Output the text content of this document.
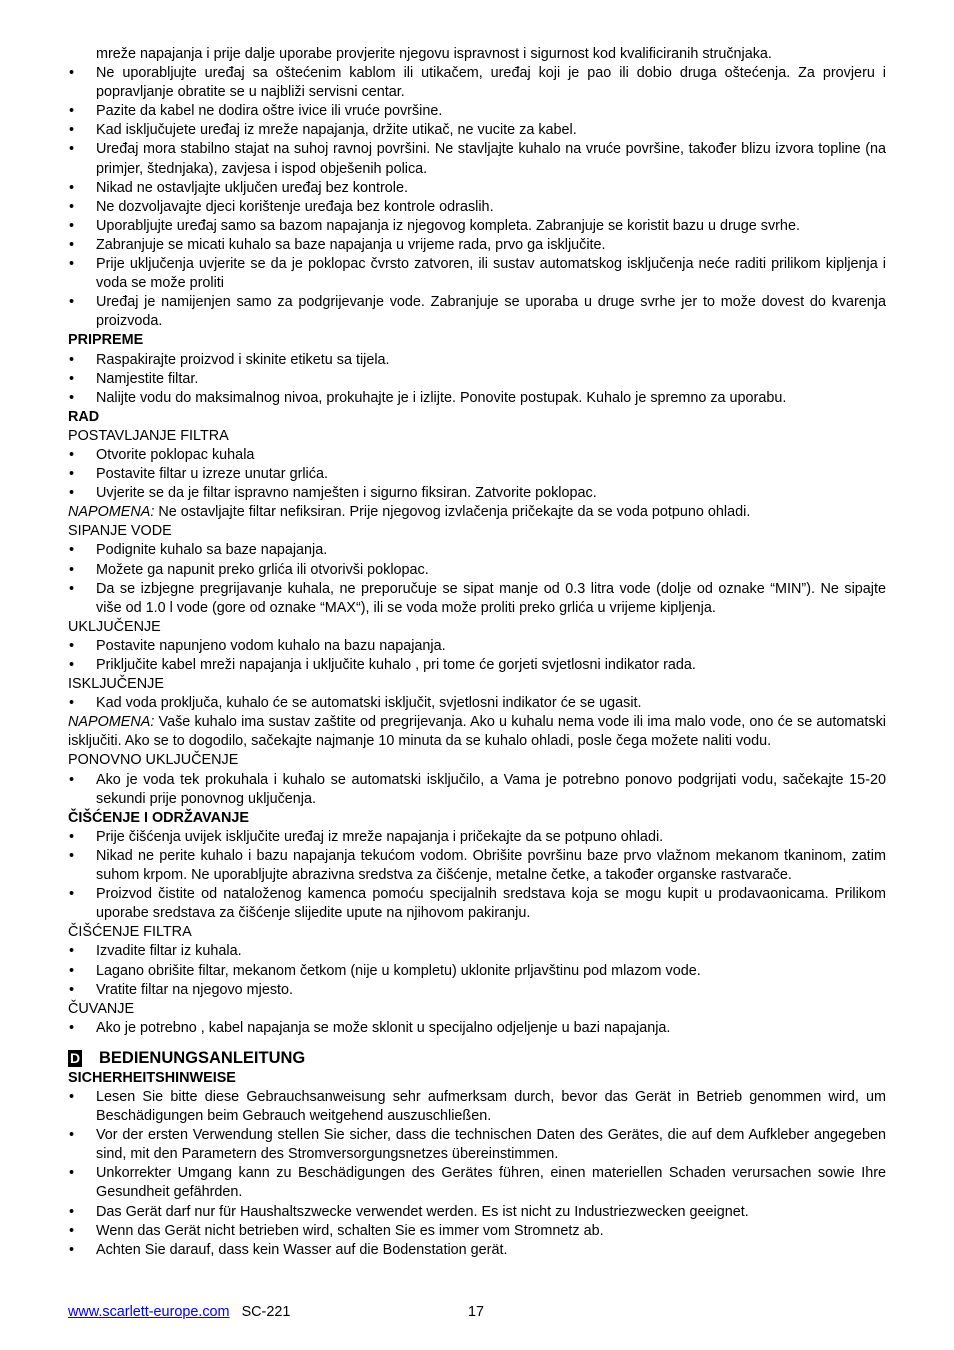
mreže napajanja i prije dalje uporabe provjerite njegovu ispravnost i sigurnost kod kvalificiranih stručnjaka.
• Ne uporabljujte uređaj sa oštećenim kablom ili utikačem, uređaj koji je pao ili dobio druga oštećenja. Za provjeru i popravljanje obratite se u najbliži servisni centar.
• Pazite da kabel ne dodira oštre ivice ili vruće površine.
• Kad isključujete uređaj iz mreže napajanja, držite utikač, ne vucite za kabel.
• Uređaj mora stabilno stajat na suhoj ravnoj površini. Ne stavljajte kuhalo na vruće površine, također blizu izvora topline (na primjer, štednjaka), zavjesa i ispod obješenih polica.
• Nikad ne ostavljajte uključen uređaj bez kontrole.
• Ne dozvoljavajte djeci korištenje uređaja bez kontrole odraslih.
• Uporabljujte uređaj samo sa bazom napajanja iz njegovog kompleta. Zabranjuje se koristit bazu u druge svrhe.
• Zabranjuje se micati kuhalo sa baze napajanja u vrijeme rada, prvo ga isključite.
• Prije uključenja uvjerite se da je poklopac čvrsto zatvoren, ili sustav automatskog isključenja neće raditi prilikom kipljenja i voda se može proliti
• Uređaj je namijenjen samo za podgrijevanje vode. Zabranjuje se uporaba u druge svrhe jer to može dovest do kvarenja proizvoda.
PRIPREME
• Raspakirajte proizvod i skinite etiketu sa tijela.
• Namjestite filtar.
• Nalijte vodu do maksimalnog nivoa, prokuhajte je i izlijte. Ponovite postupak. Kuhalo je spremno za uporabu.
RAD
POSTAVLJANJE FILTRA
• Otvorite poklopac kuhala
• Postavite filtar u izreze unutar grlića.
• Uvjerite se da je filtar ispravno namješten i sigurno fiksiran. Zatvorite poklopac.
NAPOMENA: Ne ostavljajte filtar nefiksiran. Prije njegovog izvlačenja pričekajte da se voda potpuno ohladi.
SIPANJE VODE
• Podignite kuhalo sa baze napajanja.
• Možete ga napunit preko grlića ili otvorivši poklopac.
• Da se izbjegne pregrijavanje kuhala, ne preporučuje se sipat manje od 0.3 litra vode (dolje od oznake “MIN”). Ne sipajte više od 1.0 l vode (gore od oznake “MAX“), ili se voda može proliti preko grlića u vrijeme kipljenja.
UKLJUČENJE
• Postavite napunjeno vodom kuhalo na bazu napajanja.
• Priključite kabel mreži napajanja i uključite kuhalo , pri tome će gorjeti svjetlosni indikator rada.
ISKLJUČENJE
• Kad voda proključa, kuhalo će se automatski isključit, svjetlosni indikator će se ugasit.
NAPOMENA: Vaše kuhalo ima sustav zaštite od pregrijevanja. Ako u kuhalu nema vode ili ima malo vode, ono će se automatski isključiti. Ako se to dogodilo, sačekajte najmanje 10 minuta da se kuhalo ohladi, posle čega možete naliti vodu.
PONOVNO UKLJUČENJE
• Ako je voda tek prokuhala i kuhalo se automatski isključilo, a Vama je potrebno ponovo podgrijati vodu, sačekajte 15-20 sekundi prije ponovnog uključenja.
ČIŠĆENJE I ODRŽAVANJE
• Prije čišćenja uvijek isključite uređaj iz mreže napajanja i pričekajte da se potpuno ohladi.
• Nikad ne perite kuhalo i bazu napajanja tekućom vodom. Obrišite površinu baze prvo vlažnom mekanom tkaninom, zatim suhom krpom. Ne uporabljujte abrazivna sredstva za čišćenje, metalne četke, a također organske rastvarače.
• Proizvod čistite od nataloženog kamenca pomoću specijalnih sredstava koja se mogu kupit u prodavaonicama. Prilikom uporabe sredstava za čišćenje slijedite upute na njihovom pakiranju.
ČIŠĆENJE FILTRA
• Izvadite filtar iz kuhala.
• Lagano obrišite filtar, mekanom četkom (nije u kompletu) uklonite prljavštinu pod mlazom vode.
• Vratite filtar na njegovo mjesto.
ČUVANJE
• Ako je potrebno , kabel napajanja se može sklonit u specijalno odjeljenje u bazi napajanja.
D BEDIENUNGSANLEITUNG
SICHERHEITSHINWEISE
• Lesen Sie bitte diese Gebrauchsanweisung sehr aufmerksam durch, bevor das Gerät in Betrieb genommen wird, um Beschädigungen beim Gebrauch weitgehend auszuschließen.
• Vor der ersten Verwendung stellen Sie sicher, dass die technischen Daten des Gerätes, die auf dem Aufkleber angegeben sind, mit den Parametern des Stromversorgungsnetzes übereinstimmen.
• Unkorrekter Umgang kann zu Beschädigungen des Gerätes führen, einen materiellen Schaden verursachen sowie Ihre Gesundheit gefährden.
• Das Gerät darf nur für Haushaltszwecke verwendet werden. Es ist nicht zu Industriezwecken geeignet.
• Wenn das Gerät nicht betrieben wird, schalten Sie es immer vom Stromnetz ab.
• Achten Sie darauf, dass kein Wasser auf die Bodenstation gerät.
www.scarlett-europe.com SC-221	17
